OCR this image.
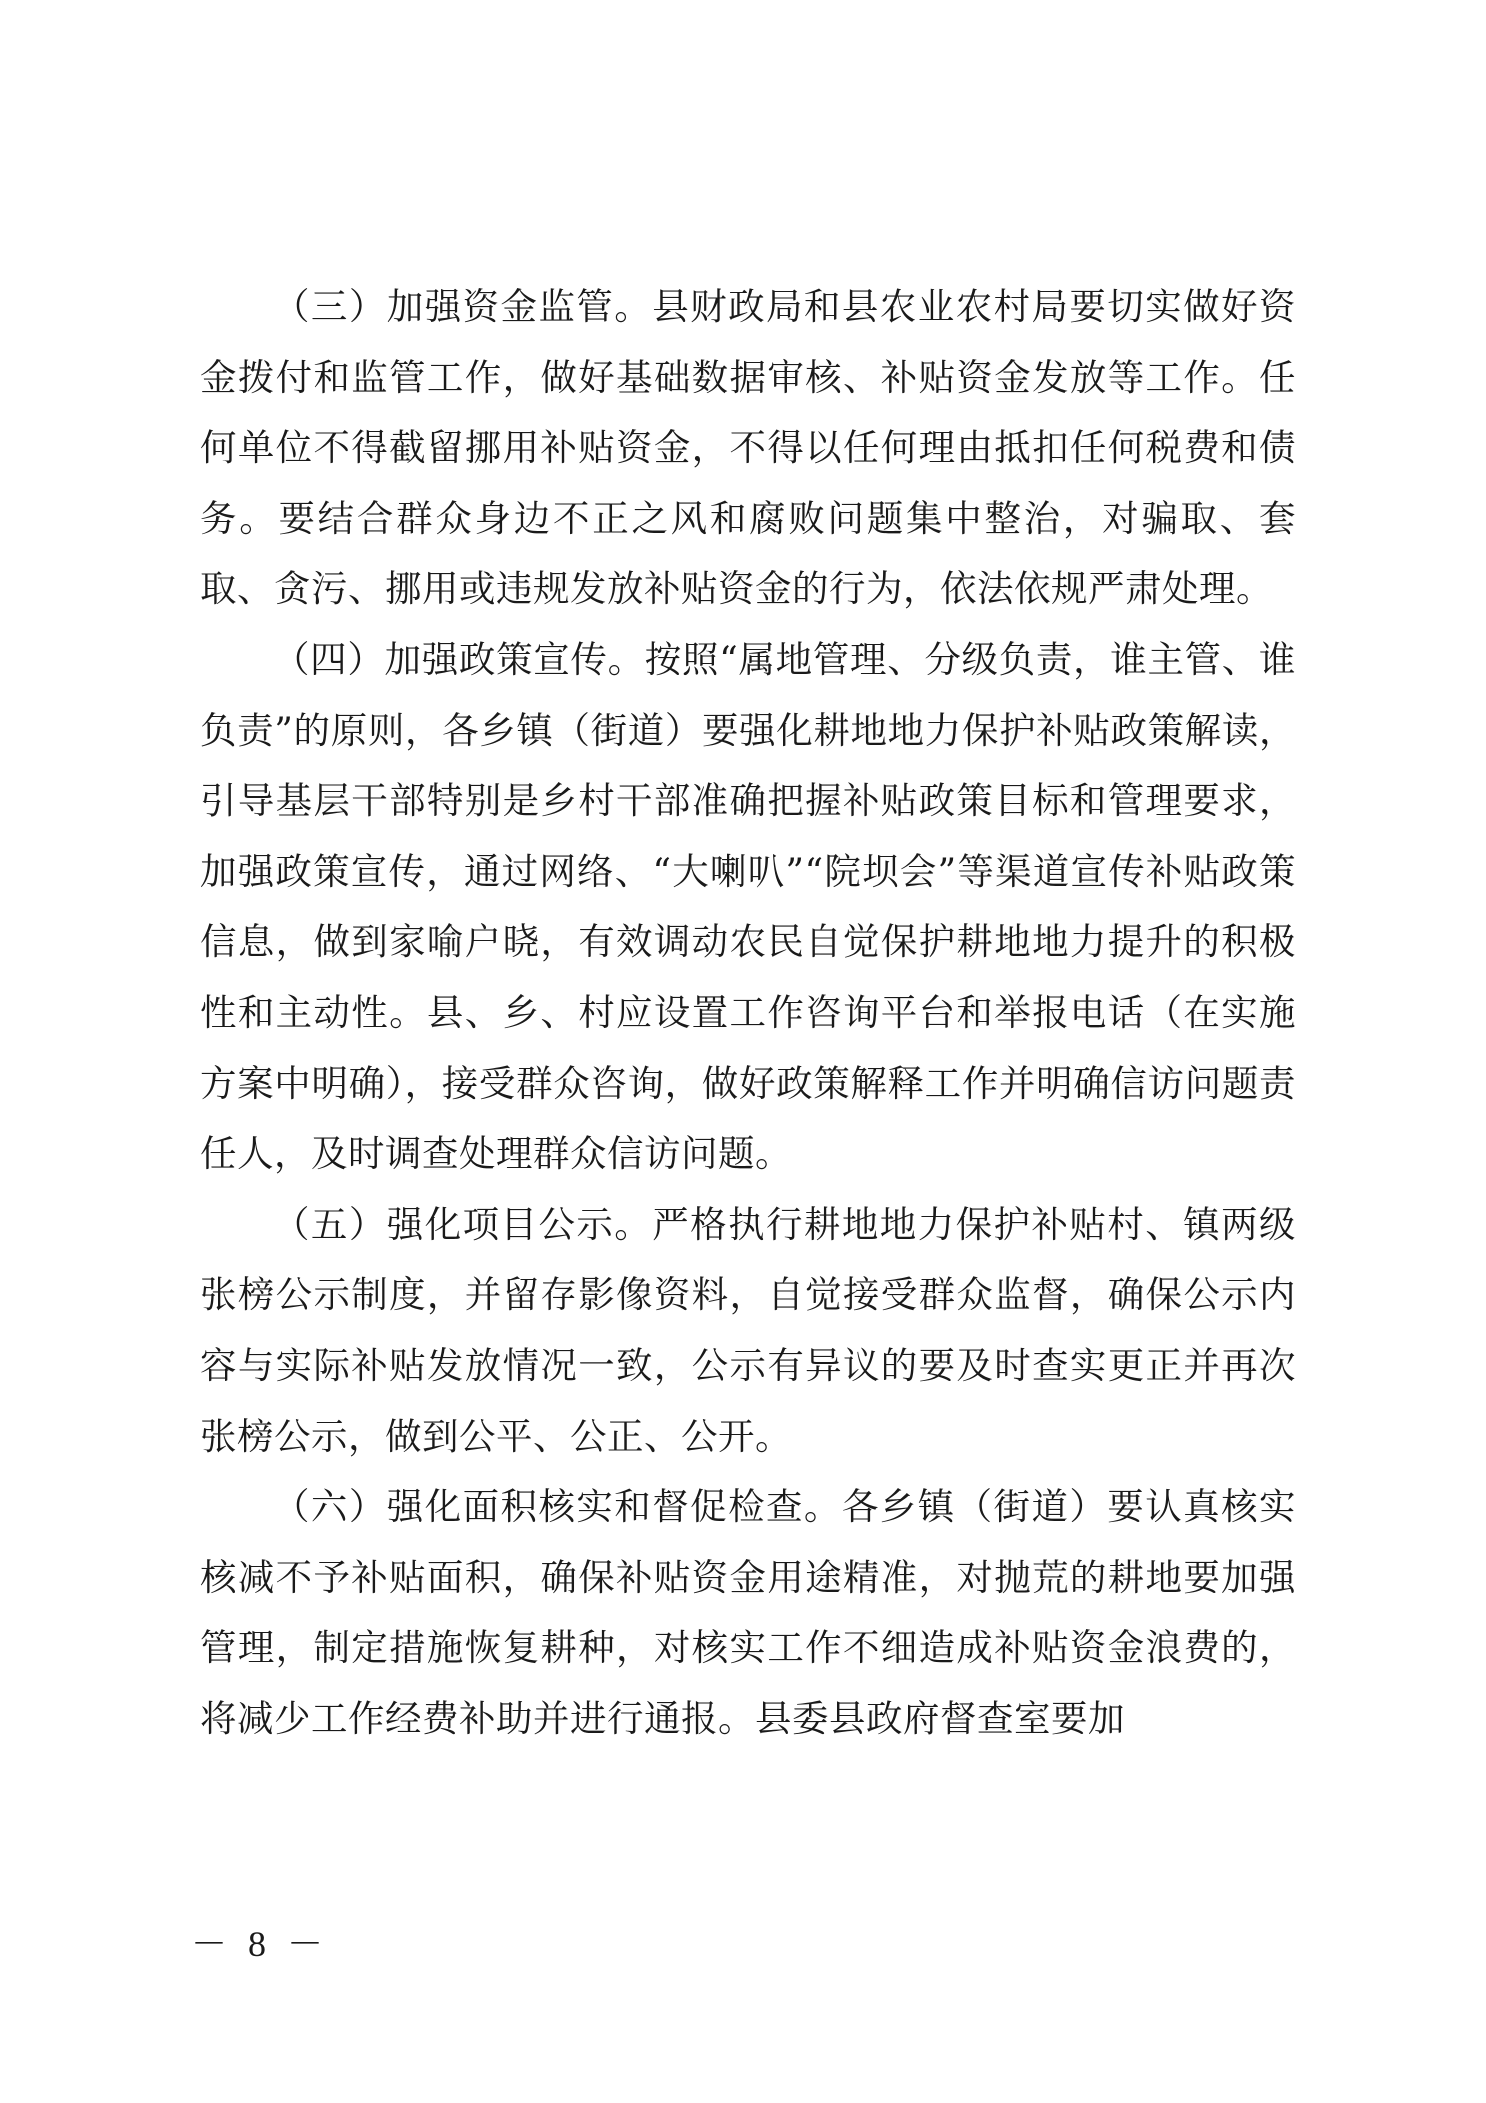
（三）加强资金监管。县财政局和县农业农村局要切实做好资金拨付和监管工作，做好基础数据审核、补贴资金发放等工作。任何单位不得截留挪用补贴资金，不得以任何理由抵扣任何税费和债务。要结合群众身边不正之风和腐败问题集中整治，对骗取、套取、贪污、挪用或违规发放补贴资金的行为，依法依规严肃处理。

（四）加强政策宣传。按照“属地管理、分级负责，谁主管、谁负责”的原则，各乡镇（街道）要强化耕地地力保护补贴政策解读，引导基层干部特别是乡村干部准确把握补贴政策目标和管理要求，加强政策宣传，通过网络、“大喇叭”“院坝会”等渠道宣传补贴政策信息，做到家喻户晓，有效调动农民自觉保护耕地地力提升的积极性和主动性。县、乡、村应设置工作咨询平台和举报电话（在实施方案中明确），接受群众咨询，做好政策解释工作并明确信访问题责任人，及时调查处理群众信访问题。

（五）强化项目公示。严格执行耕地地力保护补贴村、镇两级张榜公示制度，并留存影像资料，自觉接受群众监督，确保公示内容与实际补贴发放情况一致，公示有异议的要及时查实更正并再次张榜公示，做到公平、公正、公开。

（六）强化面积核实和督促检查。各乡镇（街道）要认真核实核减不予补贴面积，确保补贴资金用途精准，对抛荒的耕地要加强管理，制定措施恢复耕种，对核实工作不细造成补贴资金浪费的，将减少工作经费补助并进行通报。县委县政府督查室要加

－ 8 －
